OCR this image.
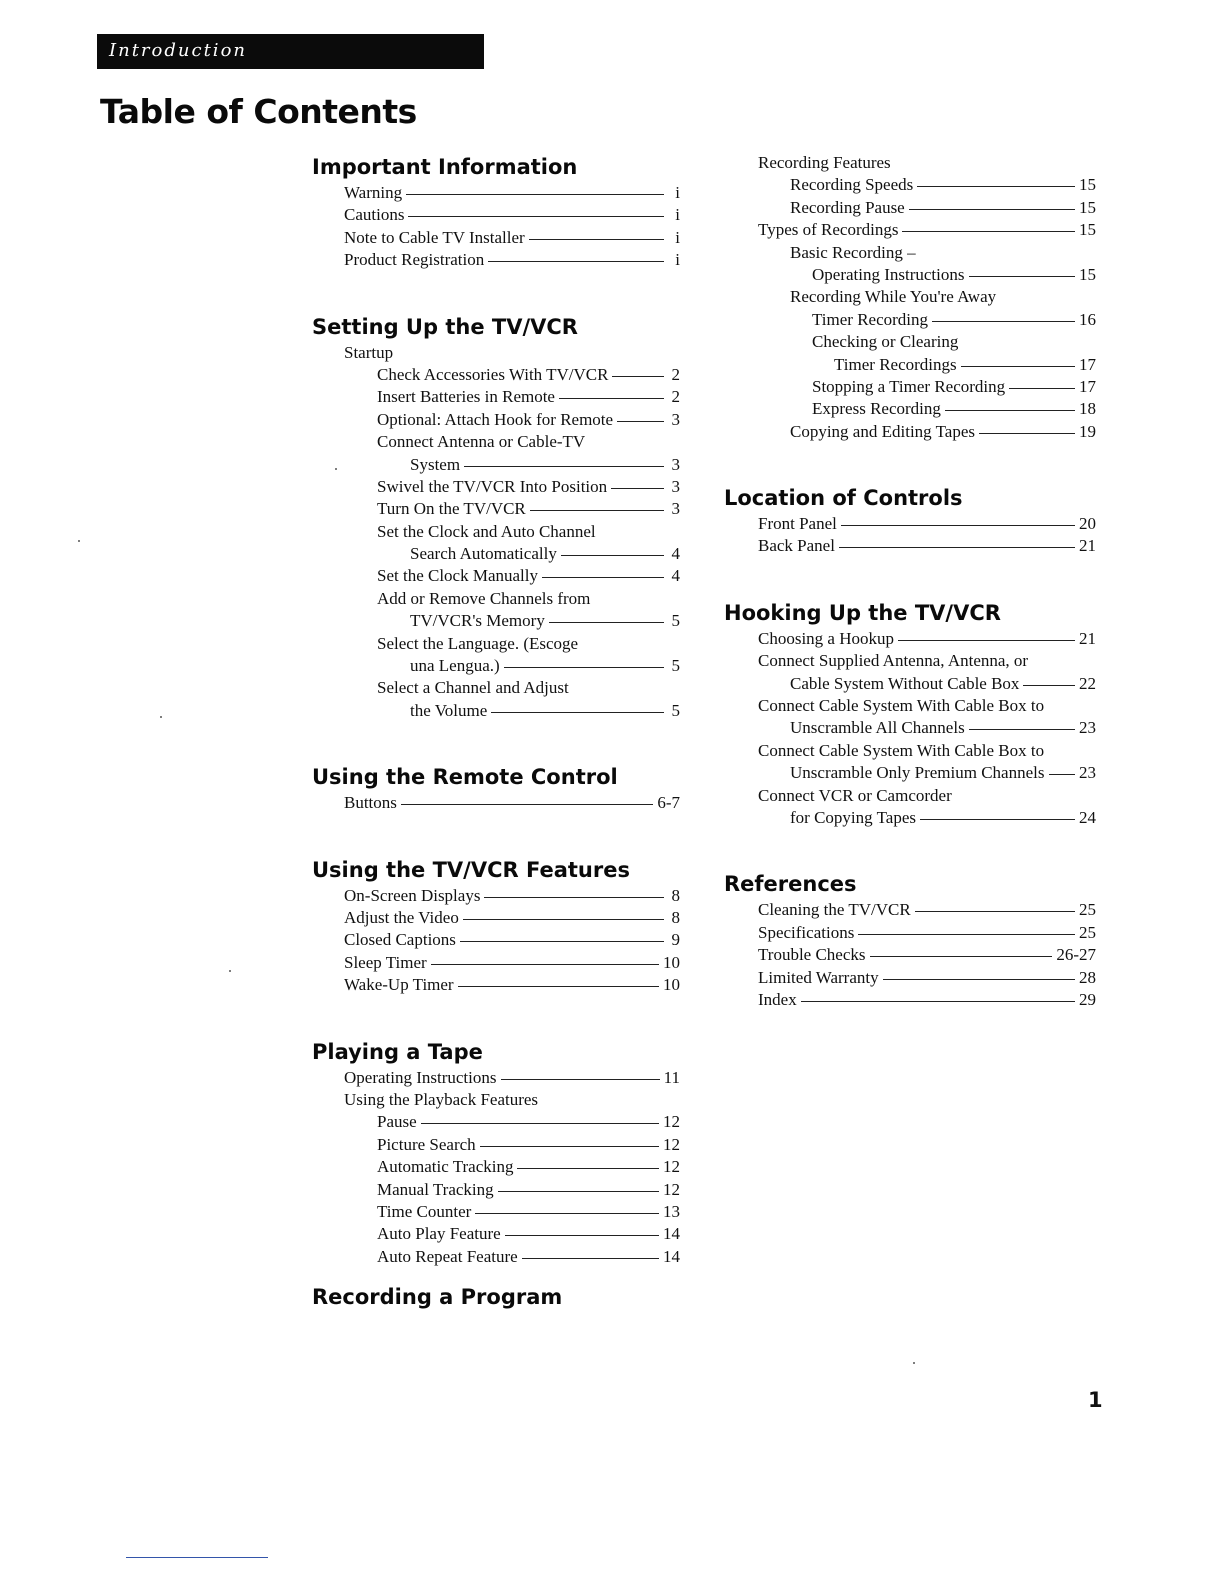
Introduction
Table of Contents
Important Information
Warning	i
Cautions	i
Note to Cable TV Installer	i
Product Registration	i
Setting Up the TV/VCR
Startup
Check Accessories With TV/VCR	2
Insert Batteries in Remote	2
Optional: Attach Hook for Remote	3
Connect Antenna or Cable-TV
System	3
Swivel the TV/VCR Into Position	3
Turn On the TV/VCR	3
Set the Clock and Auto Channel
Search Automatically	4
Set the Clock Manually	4
Add or Remove Channels from
TV/VCR's Memory	5
Select the Language. (Escoge
una Lengua.)	5
Select a Channel and Adjust
the Volume	5
Using the Remote Control
Buttons	6-7
Using the TV/VCR Features
On-Screen Displays	8
Adjust the Video	8
Closed Captions	9
Sleep Timer	10
Wake-Up Timer	10
Playing a Tape
Operating Instructions	11
Using the Playback Features
Pause	12
Picture Search	12
Automatic Tracking	12
Manual Tracking	12
Time Counter	13
Auto Play Feature	14
Auto Repeat Feature	14
Recording a Program
Recording Features
Recording Speeds	15
Recording Pause	15
Types of Recordings	15
Basic Recording –
Operating Instructions	15
Recording While You're Away
Timer Recording	16
Checking or Clearing
Timer Recordings	17
Stopping a Timer Recording	17
Express Recording	18
Copying and Editing Tapes	19
Location of Controls
Front Panel	20
Back Panel	21
Hooking Up the TV/VCR
Choosing a Hookup	21
Connect Supplied Antenna, Antenna, or
Cable System Without Cable Box	22
Connect Cable System With Cable Box to
Unscramble All Channels	23
Connect Cable System With Cable Box to
Unscramble Only Premium Channels 23
Connect VCR or Camcorder
for Copying Tapes	24
References
Cleaning the TV/VCR	25
Specifications	25
Trouble Checks	26-27
Limited Warranty	28
Index	29
1
